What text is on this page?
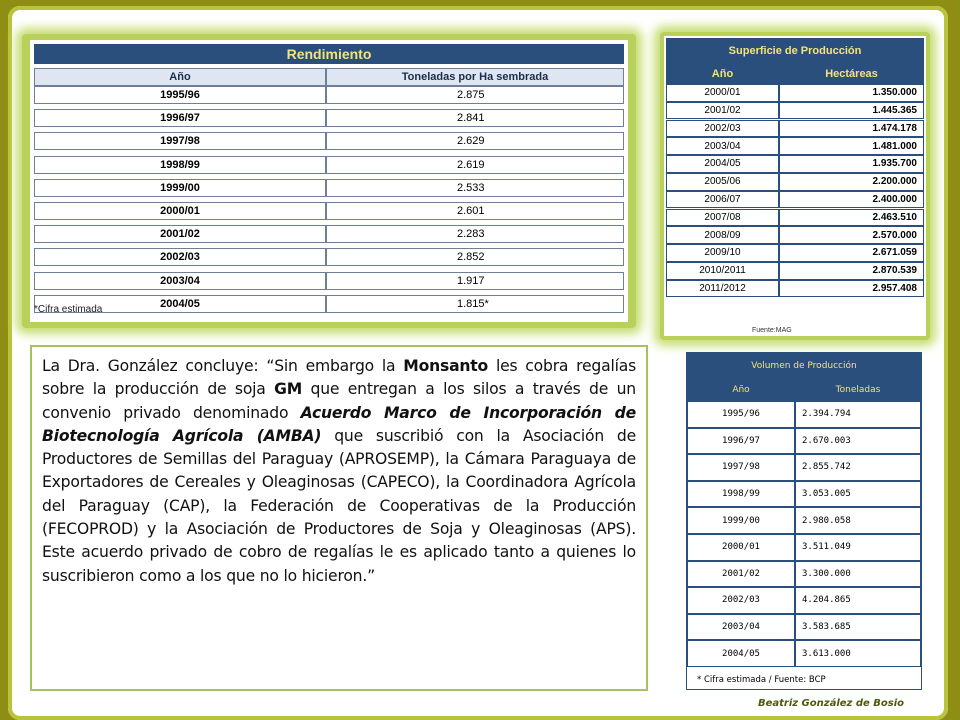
Rendimiento
Año	Toneladas por Ha sembrada
1995/96	2.875
1996/97	2.841
1997/98	2.629
1998/99	2.619
1999/00	2.533
2000/01	2.601
2001/02	2.283
2002/03	2.852
2003/04	1.917
2004/05	1.815*
*Cifra estimada
Superficie de Producción
Año	Hectáreas
2000/01	1.350.000
2001/02	1.445.365
2002/03	1.474.178
2003/04	1.481.000
2004/05	1.935.700
2005/06	2.200.000
2006/07	2.400.000
2007/08	2.463.510
2008/09	2.570.000
2009/10	2.671.059
2010/2011	2.870.539
2011/2012	2.957.408
Fuente:MAG

La Dra. González concluye: “Sin embargo la Monsanto les cobra regalías sobre la producción de soja GM que entregan a los silos a través de un convenio privado denominado Acuerdo Marco de Incorporación de Biotecnología Agrícola (AMBA) que suscribió con la Asociación de Productores de Semillas del Paraguay (APROSEMP), la Cámara Paraguaya de Exportadores de Cereales y Oleaginosas (CAPECO), la Coordinadora Agrícola del Paraguay (CAP), la Federación de Cooperativas de la Producción (FECOPROD) y la Asociación de Productores de Soja y Oleaginosas (APS). Este acuerdo privado de cobro de regalías le es aplicado tanto a quienes lo suscribieron como a los que no lo hicieron.”

Volumen de Producción
Año	Toneladas
1995/96	2.394.794
1996/97	2.670.003
1997/98	2.855.742
1998/99	3.053.005
1999/00	2.980.058
2000/01	3.511.049
2001/02	3.300.000
2002/03	4.204.865
2003/04	3.583.685
2004/05	3.613.000
* Cifra estimada / Fuente: BCP
Beatriz González de Bosio
